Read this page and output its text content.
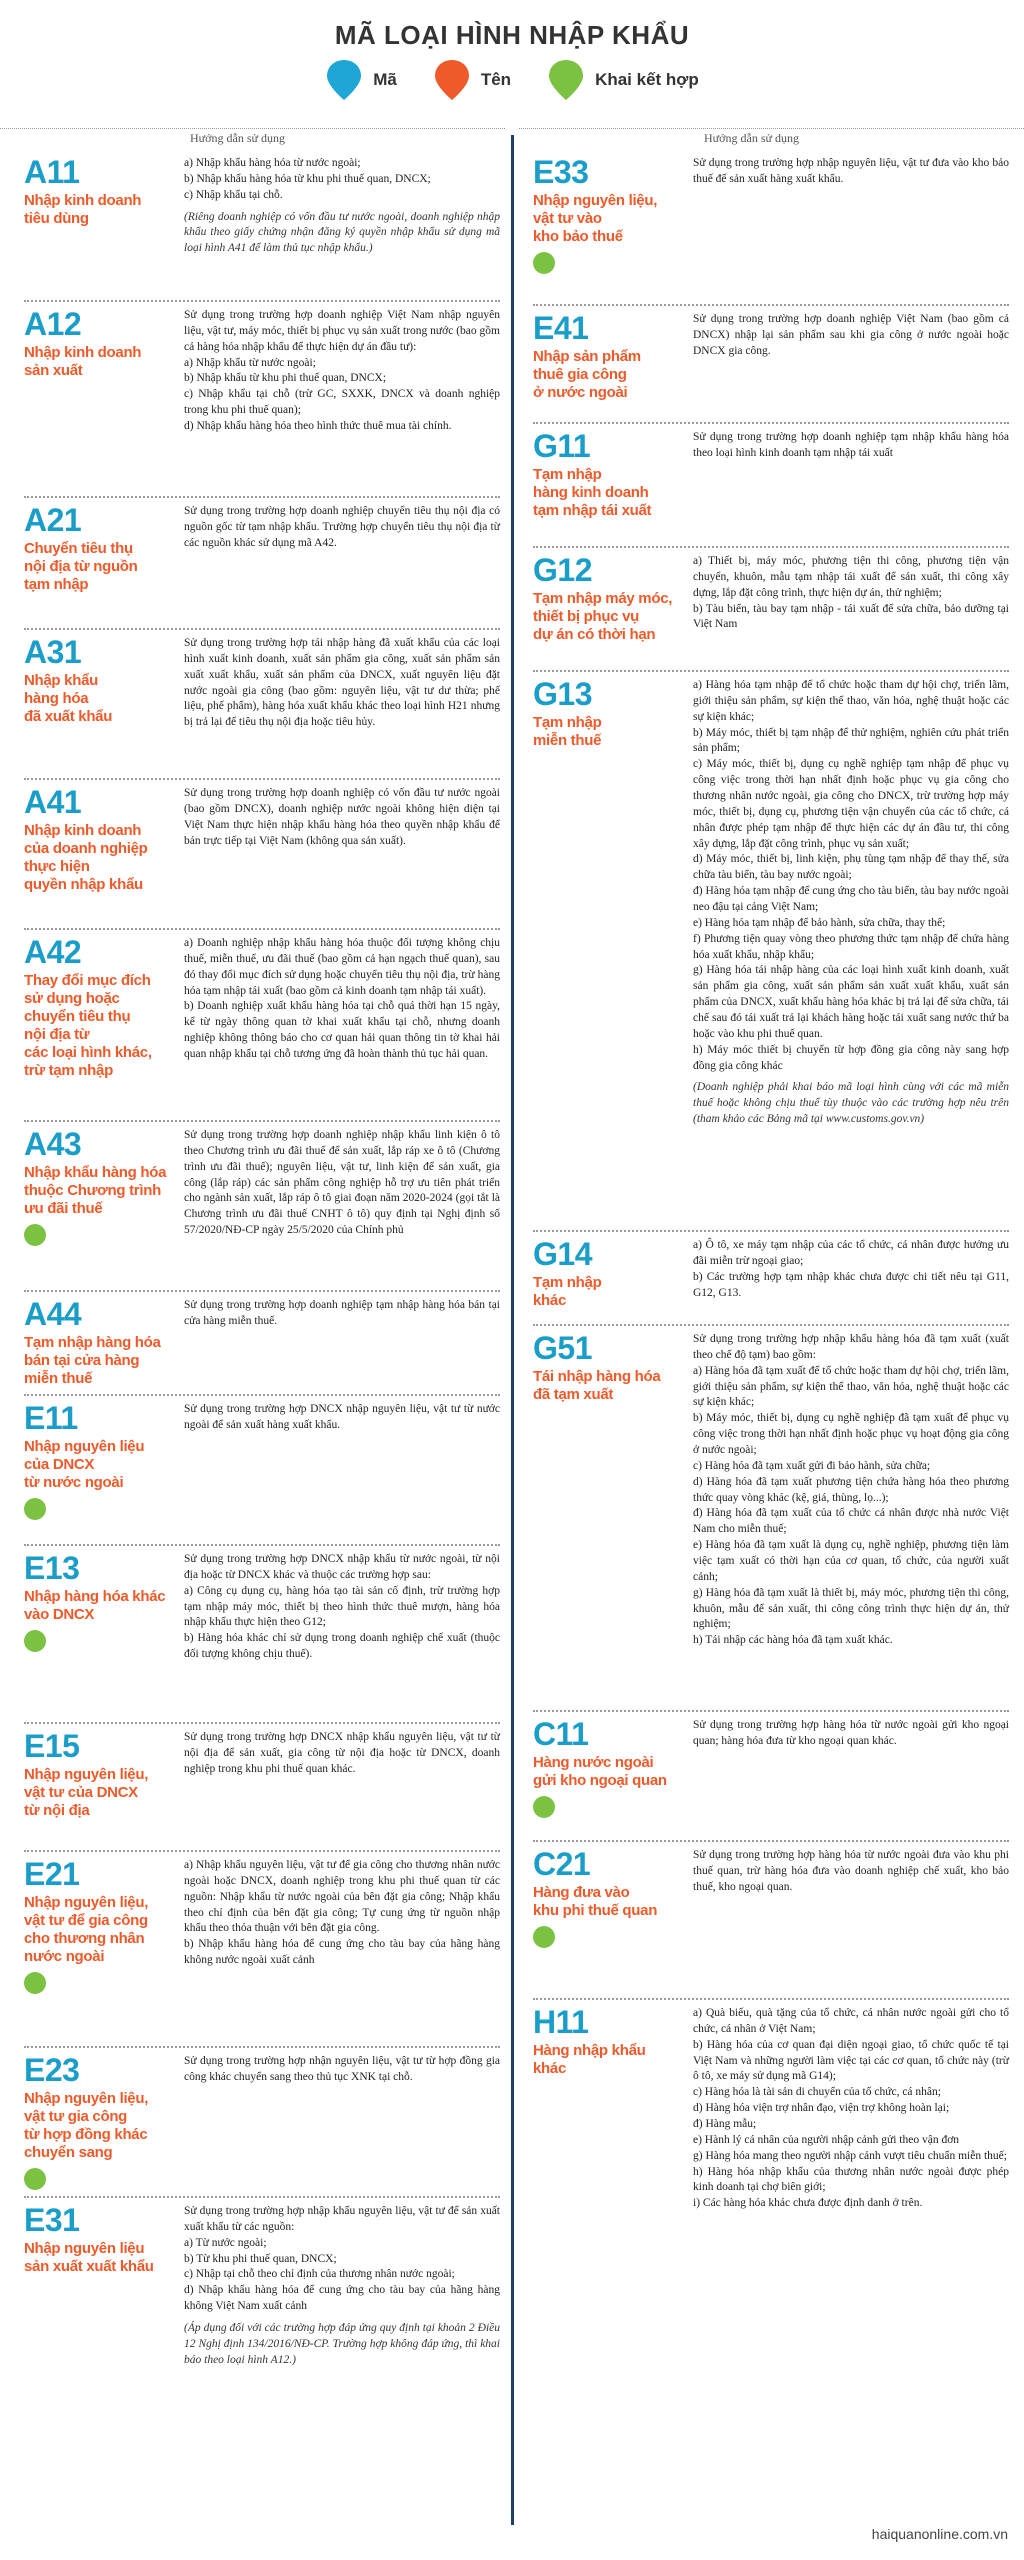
MÃ LOẠI HÌNH NHẬP KHẨU
Mã	Tên	Khai kết hợp
Hướng dẫn sử dụng	Hướng dẫn sử dụng
A11
Nhập kinh doanh
tiêu dùng

a) Nhập khẩu hàng hóa từ nước ngoài;
b) Nhập khẩu hàng hóa từ khu phi thuế quan, DNCX;
c) Nhập khẩu tại chỗ.

(Riêng doanh nghiệp có vốn đầu tư nước ngoài, doanh nghiệp nhập khẩu theo giấy chứng nhận đăng ký quyền nhập khẩu sử dụng mã loại hình A41 để làm thủ tục nhập khẩu.)

A12
Nhập kinh doanh
sản xuất

Sử dụng trong trường hợp doanh nghiệp Việt Nam nhập nguyên liệu, vật tư, máy móc, thiết bị phục vụ sản xuất trong nước (bao gồm cả hàng hóa nhập khẩu để thực hiện dự án đầu tư):
a) Nhập khẩu từ nước ngoài;
b) Nhập khẩu từ khu phi thuế quan, DNCX;
c) Nhập khẩu tại chỗ (trừ GC, SXXK, DNCX và doanh nghiệp trong khu phi thuế quan);
d) Nhập khẩu hàng hóa theo hình thức thuê mua tài chính.

A21
Chuyển tiêu thụ
nội địa từ nguồn
tạm nhập

Sử dụng trong trường hợp doanh nghiệp chuyển tiêu thụ nội địa có nguồn gốc từ tạm nhập khẩu. Trường hợp chuyển tiêu thụ nội địa từ các nguồn khác sử dụng mã A42.

A31
Nhập khẩu
hàng hóa
đã xuất khẩu

Sử dụng trong trường hợp tái nhập hàng đã xuất khẩu của các loại hình xuất kinh doanh, xuất sản phẩm gia công, xuất sản phẩm sản xuất xuất khẩu, xuất sản phẩm của DNCX, xuất nguyên liệu đặt nước ngoài gia công (bao gồm: nguyên liệu, vật tư dư thừa; phế liệu, phế phẩm), hàng hóa xuất khẩu khác theo loại hình H21 nhưng bị trả lại để tiêu thụ nội địa hoặc tiêu hủy.

A41
Nhập kinh doanh
của doanh nghiệp
thực hiện
quyền nhập khẩu

Sử dụng trong trường hợp doanh nghiệp có vốn đầu tư nước ngoài (bao gồm DNCX), doanh nghiệp nước ngoài không hiện diện tại Việt Nam thực hiện nhập khẩu hàng hóa theo quyền nhập khẩu để bán trực tiếp tại Việt Nam (không qua sản xuất).

A42
Thay đổi mục đích
sử dụng hoặc
chuyển tiêu thụ
nội địa từ
các loại hình khác,
trừ tạm nhập

a) Doanh nghiệp nhập khẩu hàng hóa thuộc đối tượng không chịu thuế, miễn thuế, ưu đãi thuế (bao gồm cả hạn ngạch thuế quan), sau đó thay đổi mục đích sử dụng hoặc chuyển tiêu thụ nội địa, trừ hàng hóa tạm nhập tái xuất (bao gồm cả kinh doanh tạm nhập tái xuất).
b) Doanh nghiệp xuất khẩu hàng hóa tại chỗ quá thời hạn 15 ngày, kể từ ngày thông quan tờ khai xuất khẩu tại chỗ, nhưng doanh nghiệp không thông báo cho cơ quan hải quan thông tin tờ khai hải quan nhập khẩu tại chỗ tương ứng đã hoàn thành thủ tục hải quan.

A43
Nhập khẩu hàng hóa
thuộc Chương trình
ưu đãi thuế

Sử dụng trong trường hợp doanh nghiệp nhập khẩu linh kiện ô tô theo Chương trình ưu đãi thuế để sản xuất, lắp ráp xe ô tô (Chương trình ưu đãi thuế); nguyên liệu, vật tư, linh kiện để sản xuất, gia công (lắp ráp) các sản phẩm công nghiệp hỗ trợ ưu tiên phát triển cho ngành sản xuất, lắp ráp ô tô giai đoạn năm 2020-2024 (gọi tắt là Chương trình ưu đãi thuế CNHT ô tô) quy định tại Nghị định số 57/2020/NĐ-CP ngày 25/5/2020 của Chính phủ

A44
Tạm nhập hàng hóa
bán tại cửa hàng
miễn thuế

Sử dụng trong trường hợp doanh nghiệp tạm nhập hàng hóa bán tại cửa hàng miễn thuế.

E11
Nhập nguyên liệu
của DNCX
từ nước ngoài

Sử dụng trong trường hợp DNCX nhập nguyên liệu, vật tư từ nước ngoài để sản xuất hàng xuất khẩu.

E13
Nhập hàng hóa khác
vào DNCX

Sử dụng trong trường hợp DNCX nhập khẩu từ nước ngoài, từ nội địa hoặc từ DNCX khác và thuộc các trường hợp sau:
a) Công cụ dụng cụ, hàng hóa tạo tài sản cố định, trừ trường hợp tạm nhập máy móc, thiết bị theo hình thức thuê mượn, hàng hóa nhập khẩu thực hiện theo G12;
b) Hàng hóa khác chỉ sử dụng trong doanh nghiệp chế xuất (thuộc đối tượng không chịu thuế).

E15
Nhập nguyên liệu,
vật tư của DNCX
từ nội địa

Sử dụng trong trường hợp DNCX nhập khẩu nguyên liệu, vật tư từ nội địa để sản xuất, gia công từ nội địa hoặc từ DNCX, doanh nghiệp trong khu phi thuế quan khác.

E21
Nhập nguyên liệu,
vật tư để gia công
cho thương nhân
nước ngoài

a) Nhập khẩu nguyên liệu, vật tư để gia công cho thương nhân nước ngoài hoặc DNCX, doanh nghiệp trong khu phi thuế quan từ các nguồn: Nhập khẩu từ nước ngoài của bên đặt gia công; Nhập khẩu theo chỉ định của bên đặt gia công; Tự cung ứng từ nguồn nhập khẩu theo thỏa thuận với bên đặt gia công.
b) Nhập khẩu hàng hóa để cung ứng cho tàu bay của hãng hàng không nước ngoài xuất cảnh

E23
Nhập nguyên liệu,
vật tư gia công
từ hợp đồng khác
chuyển sang

Sử dụng trong trường hợp nhận nguyên liệu, vật tư từ hợp đồng gia công khác chuyển sang theo thủ tục XNK tại chỗ.

E31
Nhập nguyên liệu
sản xuất xuất khẩu

Sử dụng trong trường hợp nhập khẩu nguyên liệu, vật tư để sản xuất xuất khẩu từ các nguồn:
a) Từ nước ngoài;
b) Từ khu phi thuế quan, DNCX;
c) Nhập tại chỗ theo chỉ định của thương nhân nước ngoài;
d) Nhập khẩu hàng hóa để cung ứng cho tàu bay của hãng hàng không Việt Nam xuất cảnh

(Áp dụng đối với các trường hợp đáp ứng quy định tại khoản 2 Điều 12 Nghị định 134/2016/NĐ-CP. Trường hợp không đáp ứng, thì khai báo theo loại hình A12.)

E33
Nhập nguyên liệu,
vật tư vào
kho bảo thuế

Sử dụng trong trường hợp nhập nguyên liệu, vật tư đưa vào kho bảo thuế để sản xuất hàng xuất khẩu.

E41
Nhập sản phẩm
thuê gia công
ở nước ngoài

Sử dụng trong trường hợp doanh nghiệp Việt Nam (bao gồm cả DNCX) nhập lại sản phẩm sau khi gia công ở nước ngoài hoặc DNCX gia công.

G11
Tạm nhập
hàng kinh doanh
tạm nhập tái xuất

Sử dụng trong trường hợp doanh nghiệp tạm nhập khẩu hàng hóa theo loại hình kinh doanh tạm nhập tái xuất

G12
Tạm nhập máy móc,
thiết bị phục vụ
dự án có thời hạn

a) Thiết bị, máy móc, phương tiện thi công, phương tiện vận chuyển, khuôn, mẫu tạm nhập tái xuất để sản xuất, thi công xây dựng, lắp đặt công trình, thực hiện dự án, thử nghiệm;
b) Tàu biển, tàu bay tạm nhập - tái xuất để sửa chữa, bảo dưỡng tại Việt Nam

G13
Tạm nhập
miễn thuế

a) Hàng hóa tạm nhập để tổ chức hoặc tham dự hội chợ, triển lãm, giới thiệu sản phẩm, sự kiện thể thao, văn hóa, nghệ thuật hoặc các sự kiện khác;
b) Máy móc, thiết bị tạm nhập để thử nghiệm, nghiên cứu phát triển sản phẩm;
c) Máy móc, thiết bị, dụng cụ nghề nghiệp tạm nhập để phục vụ công việc trong thời hạn nhất định hoặc phục vụ gia công cho thương nhân nước ngoài, gia công cho DNCX, trừ trường hợp máy móc, thiết bị, dụng cụ, phương tiện vận chuyển của các tổ chức, cá nhân được phép tạm nhập để thực hiện các dự án đầu tư, thi công xây dựng, lắp đặt công trình, phục vụ sản xuất;
d) Máy móc, thiết bị, linh kiện, phụ tùng tạm nhập để thay thế, sửa chữa tàu biển, tàu bay nước ngoài;
đ) Hàng hóa tạm nhập để cung ứng cho tàu biển, tàu bay nước ngoài neo đậu tại cảng Việt Nam;
e) Hàng hóa tạm nhập để bảo hành, sửa chữa, thay thế;
f) Phương tiện quay vòng theo phương thức tạm nhập để chứa hàng hóa xuất khẩu, nhập khẩu;
g) Hàng hóa tái nhập hàng của các loại hình xuất kinh doanh, xuất sản phẩm gia công, xuất sản phẩm sản xuất xuất khẩu, xuất sản phẩm của DNCX, xuất khẩu hàng hóa khác bị trả lại để sửa chữa, tái chế sau đó tái xuất trả lại khách hàng hoặc tái xuất sang nước thứ ba hoặc vào khu phi thuế quan.
h) Máy móc thiết bị chuyển từ hợp đồng gia công này sang hợp đồng gia công khác

(Doanh nghiệp phải khai báo mã loại hình cùng với các mã miễn thuế hoặc không chịu thuế tùy thuộc vào các trường hợp nêu trên (tham khảo các Bảng mã tại www.customs.gov.vn)

G14
Tạm nhập
khác

a) Ô tô, xe máy tạm nhập của các tổ chức, cá nhân được hưởng ưu đãi miễn trừ ngoại giao;
b) Các trường hợp tạm nhập khác chưa được chi tiết nêu tại G11, G12, G13.

G51
Tái nhập hàng hóa
đã tạm xuất

Sử dụng trong trường hợp nhập khẩu hàng hóa đã tạm xuất (xuất theo chế độ tạm) bao gồm:
a) Hàng hóa đã tạm xuất để tổ chức hoặc tham dự hội chợ, triển lãm, giới thiệu sản phẩm, sự kiện thể thao, văn hóa, nghệ thuật hoặc các sự kiện khác;
b) Máy móc, thiết bị, dụng cụ nghề nghiệp đã tạm xuất để phục vụ công việc trong thời hạn nhất định hoặc phục vụ hoạt động gia công ở nước ngoài;
c) Hàng hóa đã tạm xuất gửi đi bảo hành, sửa chữa;
d) Hàng hóa đã tạm xuất phương tiện chứa hàng hóa theo phương thức quay vòng khác (kệ, giá, thùng, lọ...);
đ) Hàng hóa đã tạm xuất của tổ chức cá nhân được nhà nước Việt Nam cho miễn thuế;
e) Hàng hóa đã tạm xuất là dụng cụ, nghề nghiệp, phương tiện làm việc tạm xuất có thời hạn của cơ quan, tổ chức, của người xuất cảnh;
g) Hàng hóa đã tạm xuất là thiết bị, máy móc, phương tiện thi công, khuôn, mẫu để sản xuất, thi công công trình thực hiện dự án, thử nghiệm;
h) Tái nhập các hàng hóa đã tạm xuất khác.

C11
Hàng nước ngoài
gửi kho ngoại quan

Sử dụng trong trường hợp hàng hóa từ nước ngoài gửi kho ngoại quan; hàng hóa đưa từ kho ngoại quan khác.

C21
Hàng đưa vào
khu phi thuế quan

Sử dụng trong trường hợp hàng hóa từ nước ngoài đưa vào khu phi thuế quan, trừ hàng hóa đưa vào doanh nghiệp chế xuất, kho bảo thuế, kho ngoại quan.

H11
Hàng nhập khẩu
khác

a) Quà biếu, quà tặng của tổ chức, cá nhân nước ngoài gửi cho tổ chức, cá nhân ở Việt Nam;
b) Hàng hóa của cơ quan đại diện ngoại giao, tổ chức quốc tế tại Việt Nam và những người làm việc tại các cơ quan, tổ chức này (trừ ô tô, xe máy sử dụng mã G14);
c) Hàng hóa là tài sản di chuyển của tổ chức, cá nhân;
d) Hàng hóa viện trợ nhân đạo, viện trợ không hoàn lại;
đ) Hàng mẫu;
e) Hành lý cá nhân của người nhập cảnh gửi theo vận đơn
g) Hàng hóa mang theo người nhập cảnh vượt tiêu chuẩn miễn thuế;
h) Hàng hóa nhập khẩu của thương nhân nước ngoài được phép kinh doanh tại chợ biên giới;
i) Các hàng hóa khác chưa được định danh ở trên.

haiquanonline.com.vn
